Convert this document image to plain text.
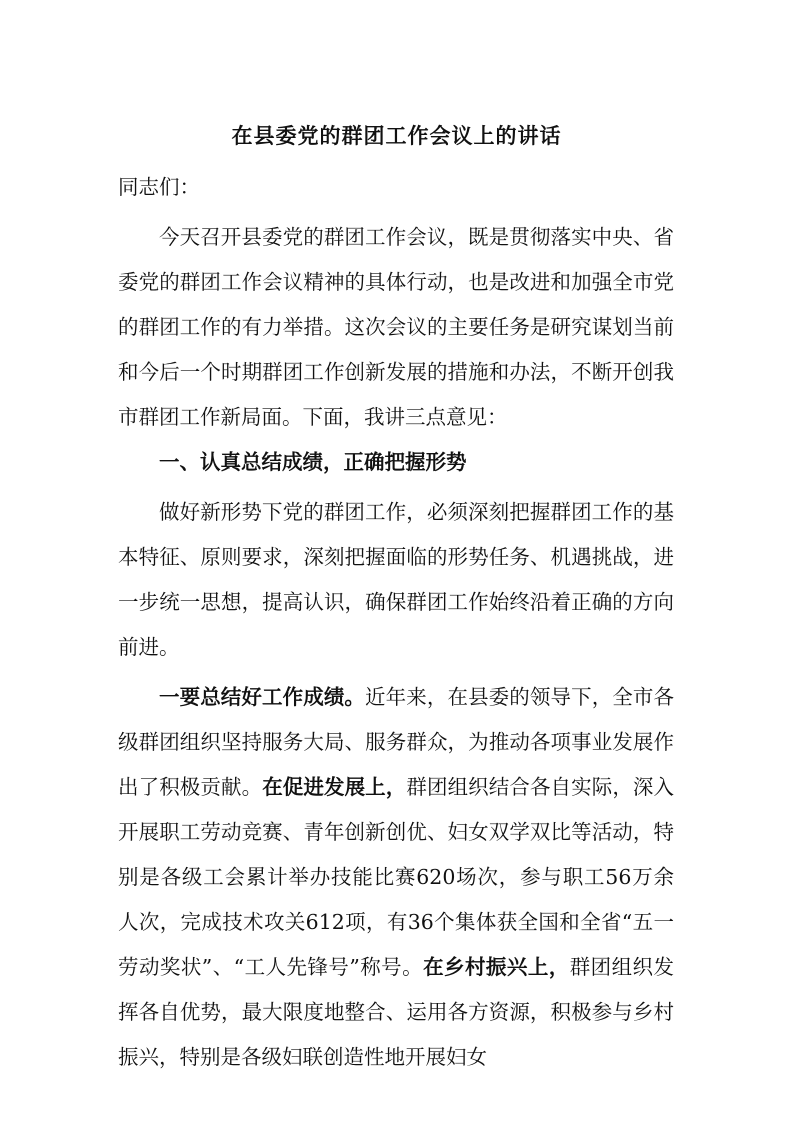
在县委党的群团工作会议上的讲话

同志们：

今天召开县委党的群团工作会议，既是贯彻落实中央、省委党的群团工作会议精神的具体行动，也是改进和加强全市党的群团工作的有力举措。这次会议的主要任务是研究谋划当前和今后一个时期群团工作创新发展的措施和办法，不断开创我市群团工作新局面。下面，我讲三点意见：

一、认真总结成绩，正确把握形势

做好新形势下党的群团工作，必须深刻把握群团工作的基本特征、原则要求，深刻把握面临的形势任务、机遇挑战，进一步统一思想，提高认识，确保群团工作始终沿着正确的方向前进。

一要总结好工作成绩。近年来，在县委的领导下，全市各级群团组织坚持服务大局、服务群众，为推动各项事业发展作出了积极贡献。在促进发展上，群团组织结合各自实际，深入开展职工劳动竞赛、青年创新创优、妇女双学双比等活动，特别是各级工会累计举办技能比赛620场次，参与职工56万余人次，完成技术攻关612项，有36个集体获全国和全省“五一劳动奖状”、“工人先锋号”称号。在乡村振兴上，群团组织发挥各自优势，最大限度地整合、运用各方资源，积极参与乡村振兴，特别是各级妇联创造性地开展妇女
